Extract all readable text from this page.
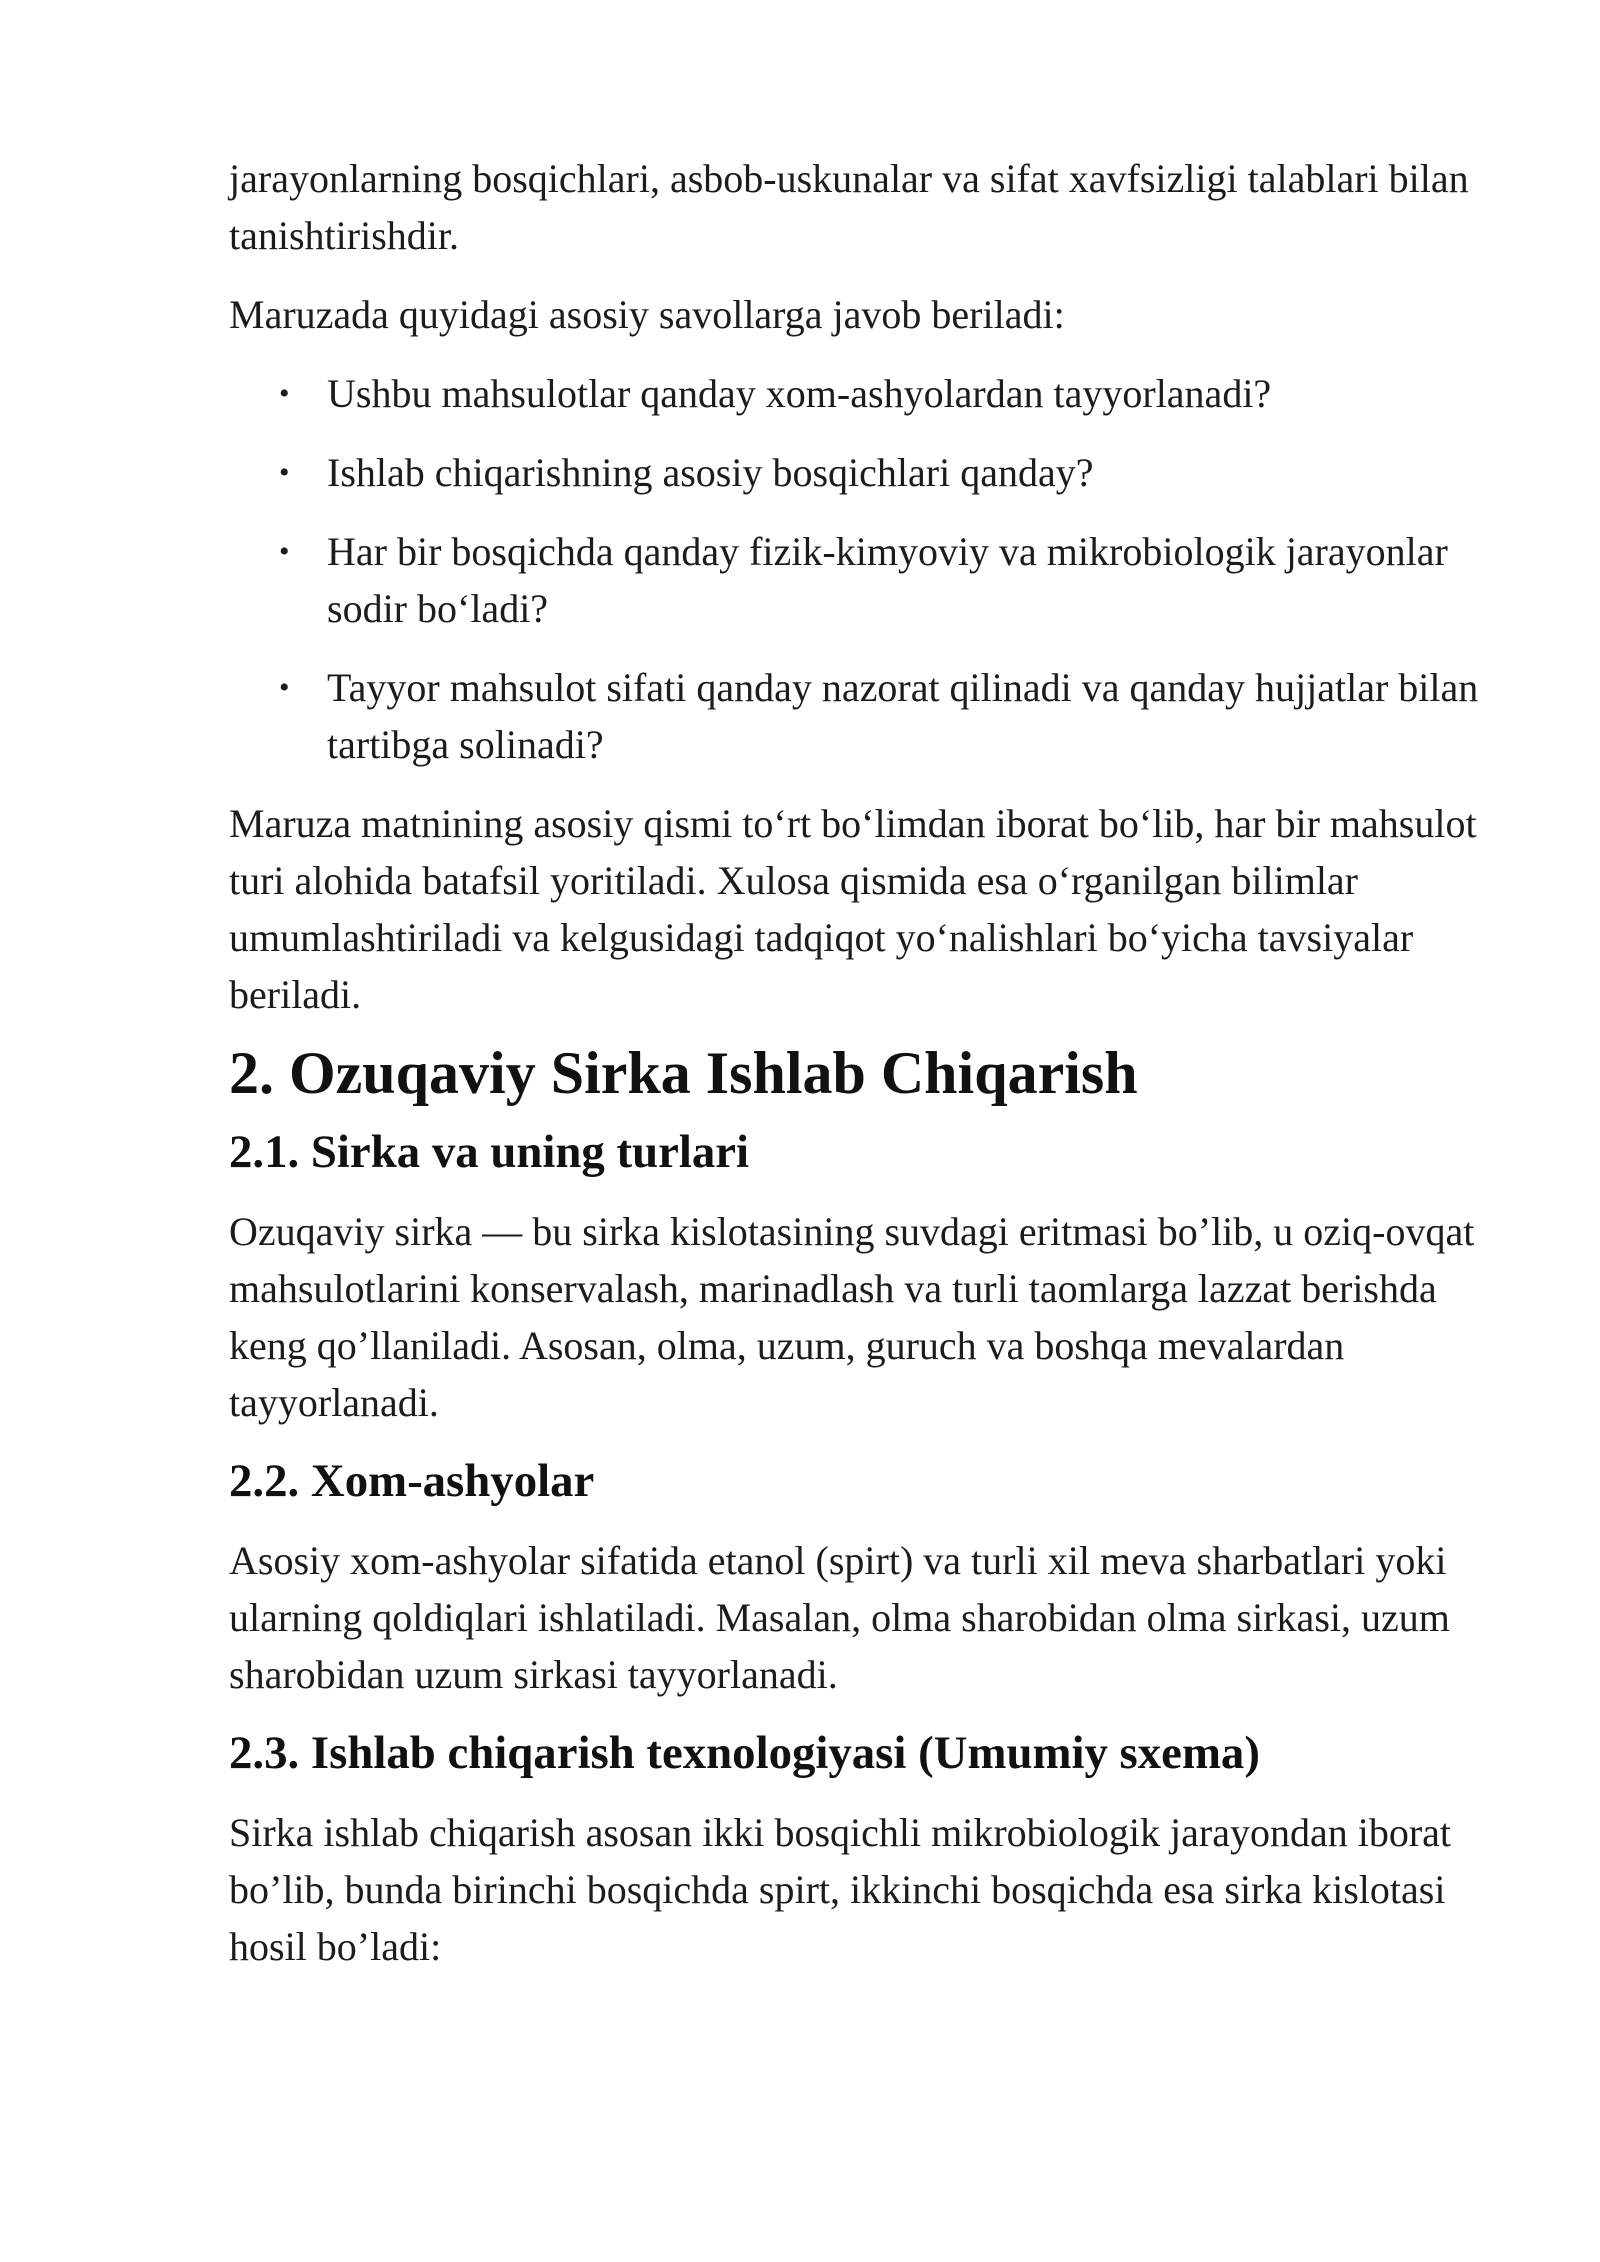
jarayonlarning bosqichlari, asbob-uskunalar va sifat xavfsizligi talablari bilan tanishtirishdir.

Maruzada quyidagi asosiy savollarga javob beriladi:

• Ushbu mahsulotlar qanday xom-ashyolardan tayyorlanadi?
• Ishlab chiqarishning asosiy bosqichlari qanday?
• Har bir bosqichda qanday fizik-kimyoviy va mikrobiologik jarayonlar sodir bo‘ladi?
• Tayyor mahsulot sifati qanday nazorat qilinadi va qanday hujjatlar bilan tartibga solinadi?

Maruza matnining asosiy qismi to‘rt bo‘limdan iborat bo‘lib, har bir mahsulot turi alohida batafsil yoritiladi. Xulosa qismida esa o‘rganilgan bilimlar umumlashtiriladi va kelgusidagi tadqiqot yo‘nalishlari bo‘yicha tavsiyalar beriladi.

2. Ozuqaviy Sirka Ishlab Chiqarish
2.1. Sirka va uning turlari

Ozuqaviy sirka — bu sirka kislotasining suvdagi eritmasi bo’lib, u oziq-ovqat mahsulotlarini konservalash, marinadlash va turli taomlarga lazzat berishda keng qo’llaniladi. Asosan, olma, uzum, guruch va boshqa mevalardan tayyorlanadi.

2.2. Xom-ashyolar

Asosiy xom-ashyolar sifatida etanol (spirt) va turli xil meva sharbatlari yoki ularning qoldiqlari ishlatiladi. Masalan, olma sharobidan olma sirkasi, uzum sharobidan uzum sirkasi tayyorlanadi.

2.3. Ishlab chiqarish texnologiyasi (Umumiy sxema)

Sirka ishlab chiqarish asosan ikki bosqichli mikrobiologik jarayondan iborat bo’lib, bunda birinchi bosqichda spirt, ikkinchi bosqichda esa sirka kislotasi hosil bo’ladi:
